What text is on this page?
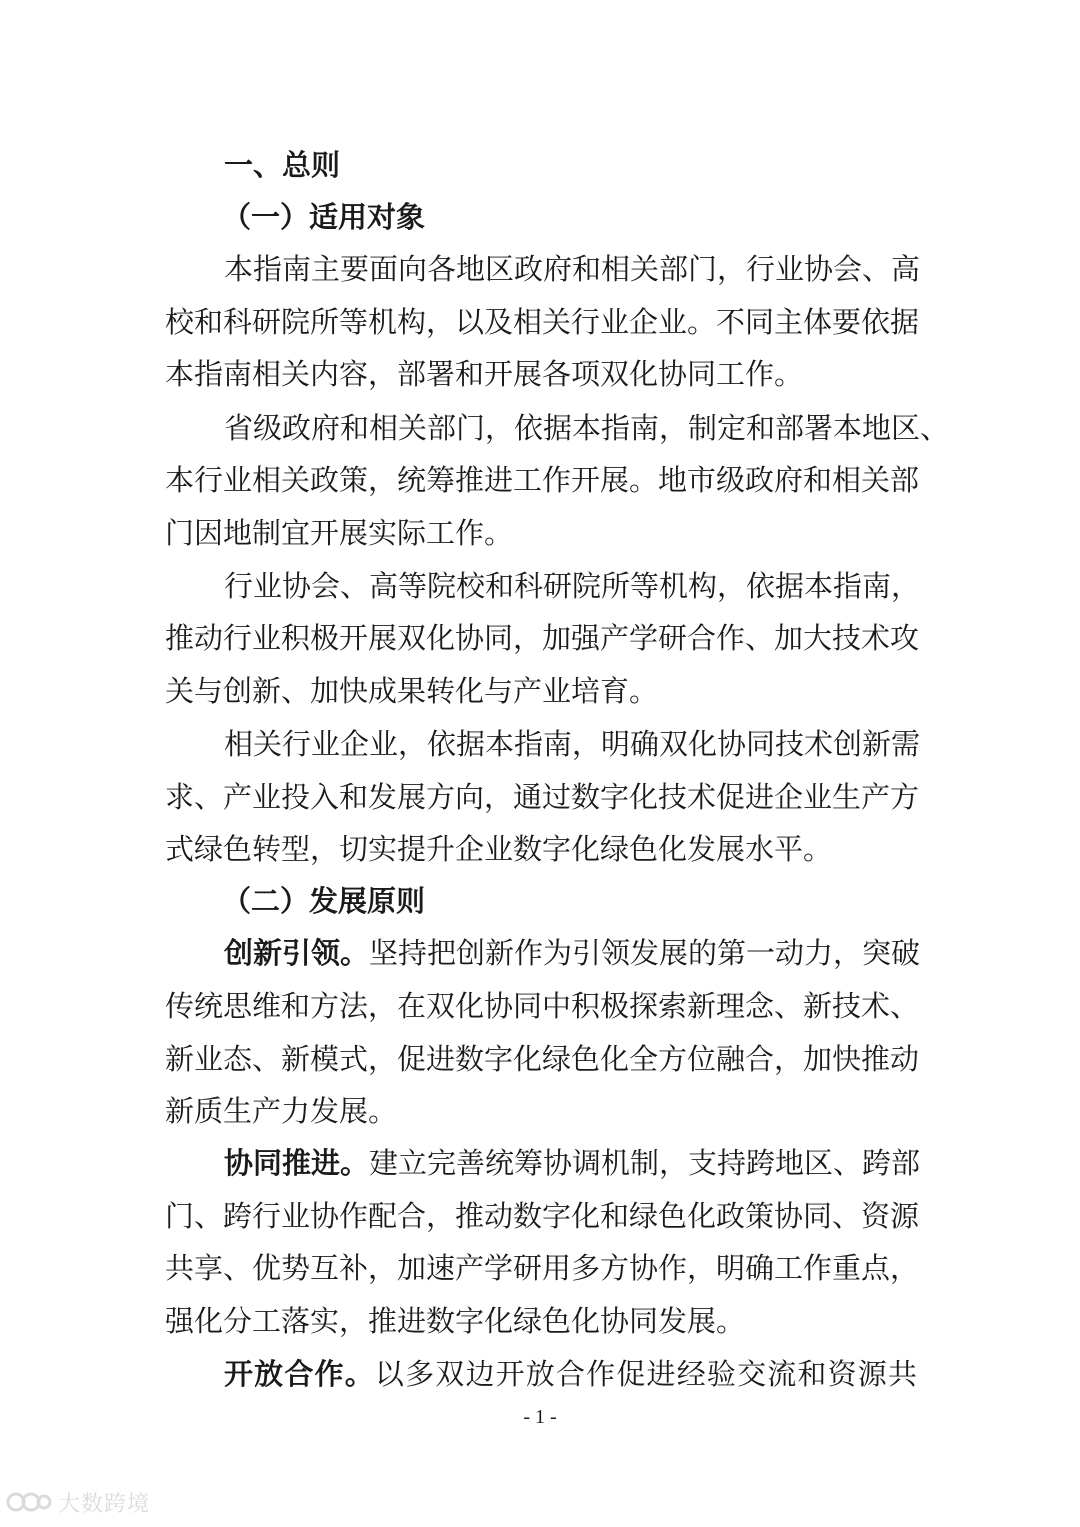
一、总则
（一）适用对象
本指南主要面向各地区政府和相关部门，行业协会、高
校和科研院所等机构，以及相关行业企业。不同主体要依据
本指南相关内容，部署和开展各项双化协同工作。
省级政府和相关部门，依据本指南，制定和部署本地区、
本行业相关政策，统筹推进工作开展。地市级政府和相关部
门因地制宜开展实际工作。
行业协会、高等院校和科研院所等机构，依据本指南，
推动行业积极开展双化协同，加强产学研合作、加大技术攻
关与创新、加快成果转化与产业培育。
相关行业企业，依据本指南，明确双化协同技术创新需
求、产业投入和发展方向，通过数字化技术促进企业生产方
式绿色转型，切实提升企业数字化绿色化发展水平。
（二）发展原则
创新引领。坚持把创新作为引领发展的第一动力，突破
传统思维和方法，在双化协同中积极探索新理念、新技术、
新业态、新模式，促进数字化绿色化全方位融合，加快推动
新质生产力发展。
协同推进。建立完善统筹协调机制，支持跨地区、跨部
门、跨行业协作配合，推动数字化和绿色化政策协同、资源
共享、优势互补，加速产学研用多方协作，明确工作重点，
强化分工落实，推进数字化绿色化协同发展。
开放合作。以多双边开放合作促进经验交流和资源共
- 1 -
大数跨境
